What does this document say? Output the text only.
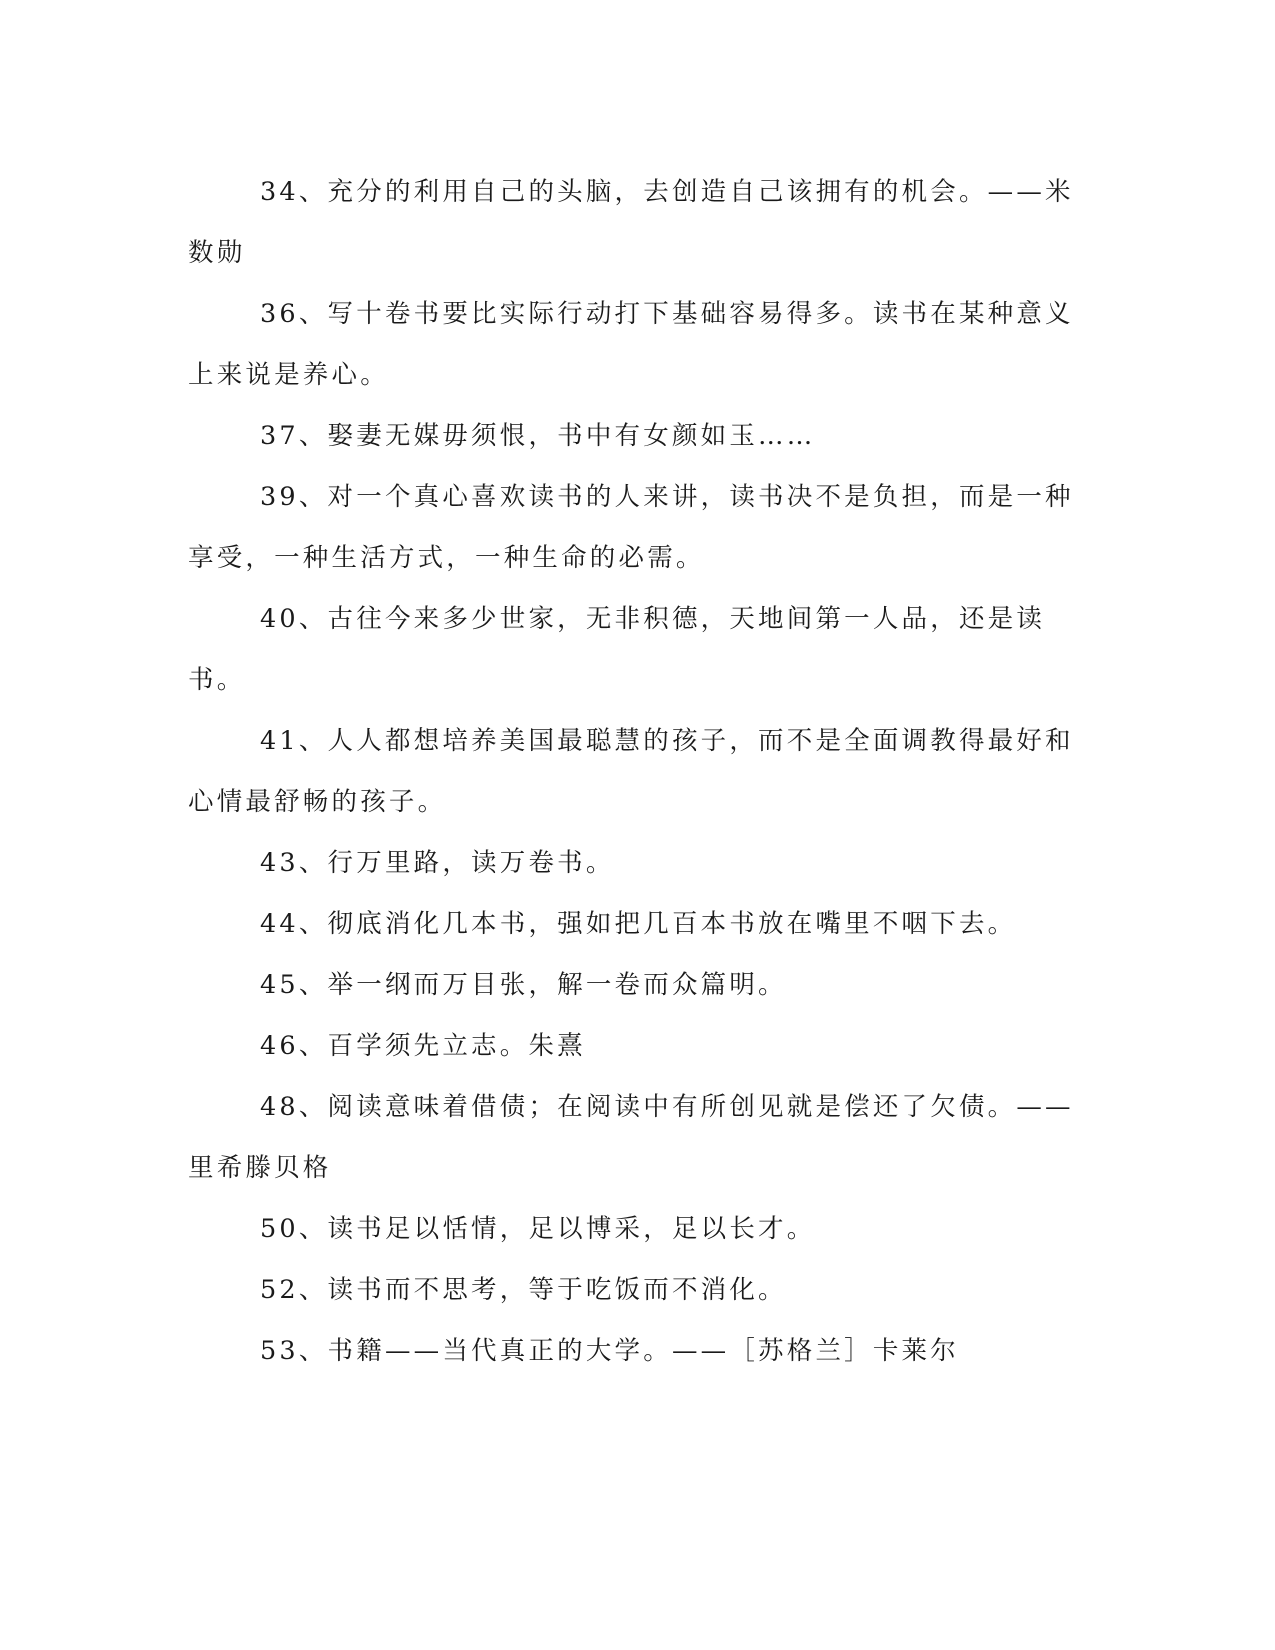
34、充分的利用自己的头脑，去创造自己该拥有的机会。——米数勋

36、写十卷书要比实际行动打下基础容易得多。读书在某种意义上来说是养心。

37、娶妻无媒毋须恨，书中有女颜如玉……

39、对一个真心喜欢读书的人来讲，读书决不是负担，而是一种享受，一种生活方式，一种生命的必需。

40、古往今来多少世家，无非积德，天地间第一人品，还是读书。

41、人人都想培养美国最聪慧的孩子，而不是全面调教得最好和心情最舒畅的孩子。

43、行万里路，读万卷书。

44、彻底消化几本书，强如把几百本书放在嘴里不咽下去。

45、举一纲而万目张，解一卷而众篇明。

46、百学须先立志。朱熹

48、阅读意味着借债；在阅读中有所创见就是偿还了欠债。——里希滕贝格

50、读书足以恬情，足以博采，足以长才。

52、读书而不思考，等于吃饭而不消化。

53、书籍——当代真正的大学。——［苏格兰］卡莱尔
